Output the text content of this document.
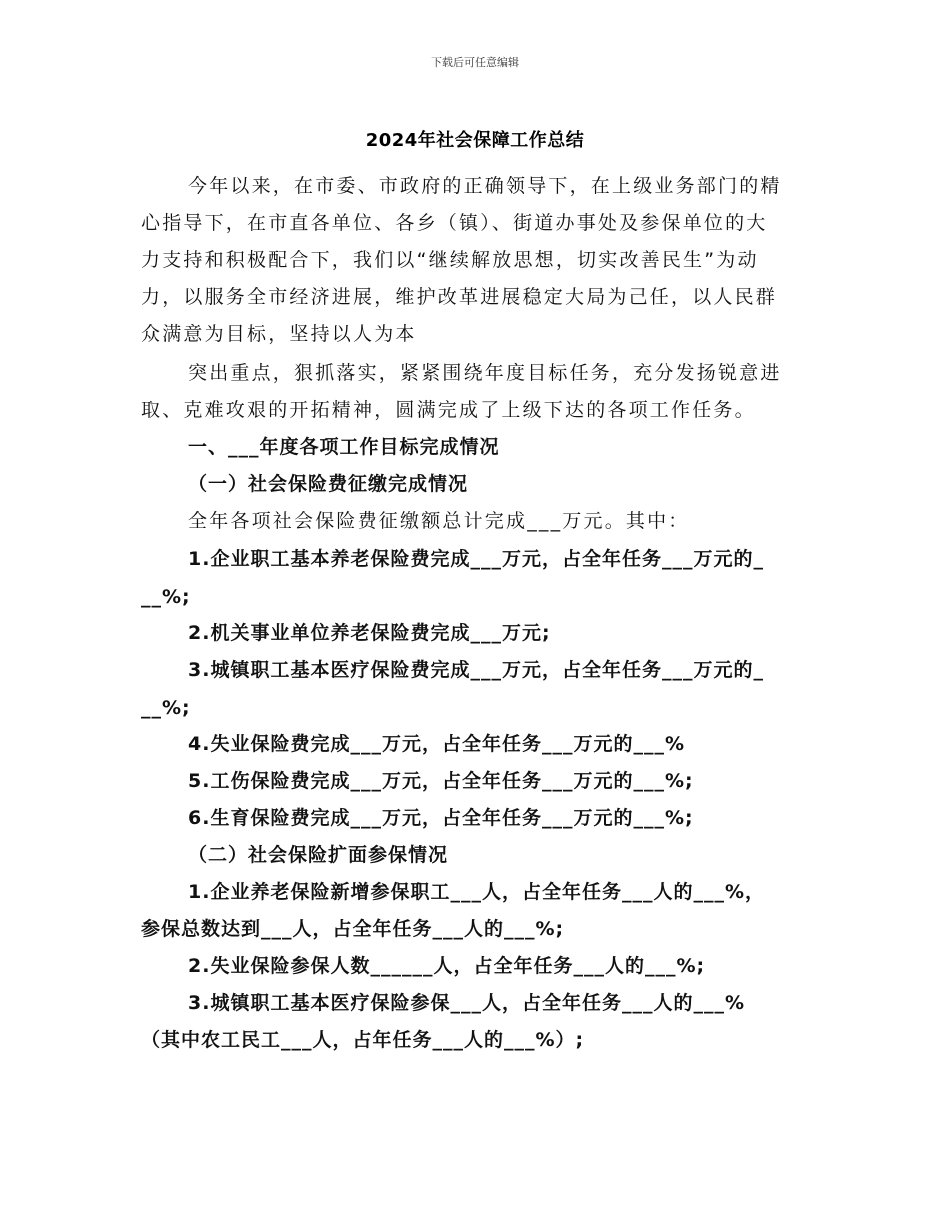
下载后可任意编辑
2024年社会保障工作总结
今年以来，在市委、市政府的正确领导下，在上级业务部门的精
心指导下，在市直各单位、各乡（镇）、街道办事处及参保单位的大
力支持和积极配合下，我们以“继续解放思想，切实改善民生”为动
力，以服务全市经济进展，维护改革进展稳定大局为己任，以人民群
众满意为目标，坚持以人为本
突出重点，狠抓落实，紧紧围绕年度目标任务，充分发扬锐意进
取、克难攻艰的开拓精神，圆满完成了上级下达的各项工作任务。
一、___年度各项工作目标完成情况
（一）社会保险费征缴完成情况
全年各项社会保险费征缴额总计完成___万元。其中：
1.企业职工基本养老保险费完成___万元，占全年任务___万元的_
__%;
2.机关事业单位养老保险费完成___万元;
3.城镇职工基本医疗保险费完成___万元，占全年任务___万元的_
__%;
4.失业保险费完成___万元，占全年任务___万元的___%
5.工伤保险费完成___万元，占全年任务___万元的___%;
6.生育保险费完成___万元，占全年任务___万元的___%;
（二）社会保险扩面参保情况
1.企业养老保险新增参保职工___人，占全年任务___人的___%，
参保总数达到___人，占全年任务___人的___%;
2.失业保险参保人数______人，占全年任务___人的___%;
3.城镇职工基本医疗保险参保___人，占全年任务___人的___%
（其中农工民工___人，占年任务___人的___%）;
